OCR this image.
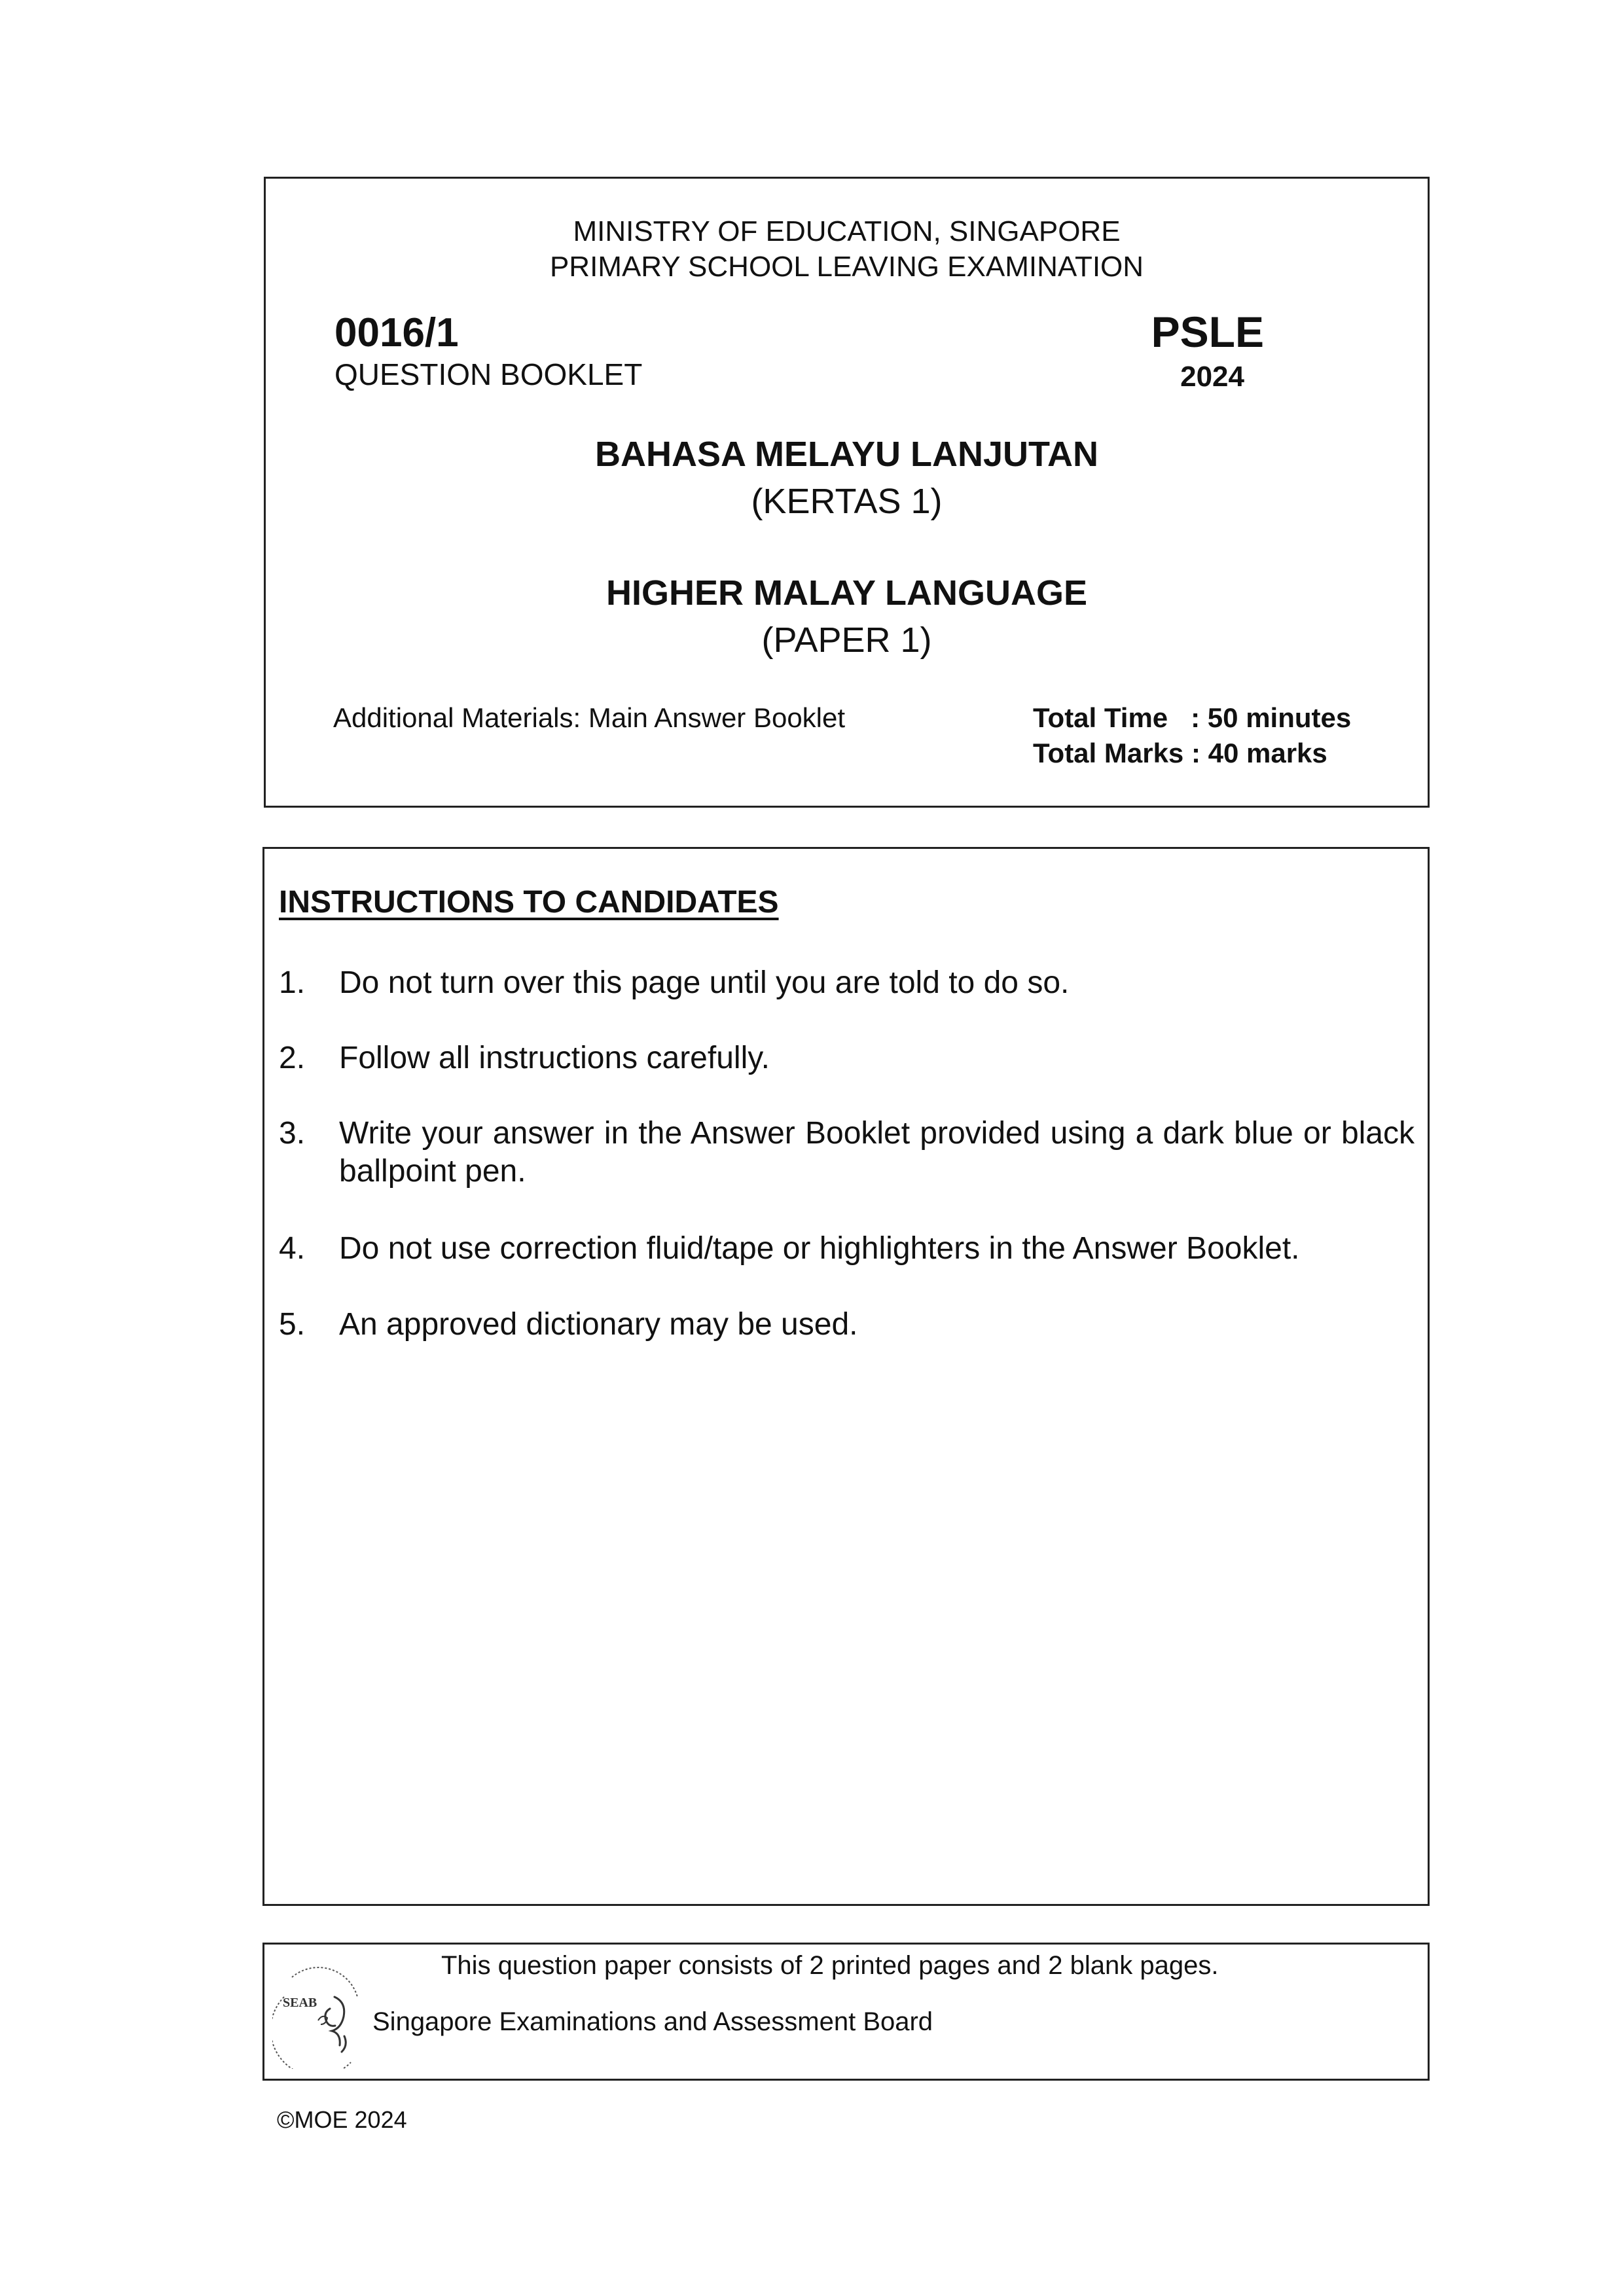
MINISTRY OF EDUCATION, SINGAPORE
PRIMARY SCHOOL LEAVING EXAMINATION
0016/1
QUESTION BOOKLET
PSLE
2024
BAHASA MELAYU LANJUTAN
(KERTAS 1)
HIGHER MALAY LANGUAGE
(PAPER 1)
Additional Materials: Main Answer Booklet	Total Time   : 50 minutes
Total Marks : 40 marks
INSTRUCTIONS TO CANDIDATES
1. Do not turn over this page until you are told to do so.
2. Follow all instructions carefully.
3. Write your answer in the Answer Booklet provided using a dark blue or black ballpoint pen.
4. Do not use correction fluid/tape or highlighters in the Answer Booklet.
5. An approved dictionary may be used.
SEAB
This question paper consists of 2 printed pages and 2 blank pages.
Singapore Examinations and Assessment Board
©MOE 2024
